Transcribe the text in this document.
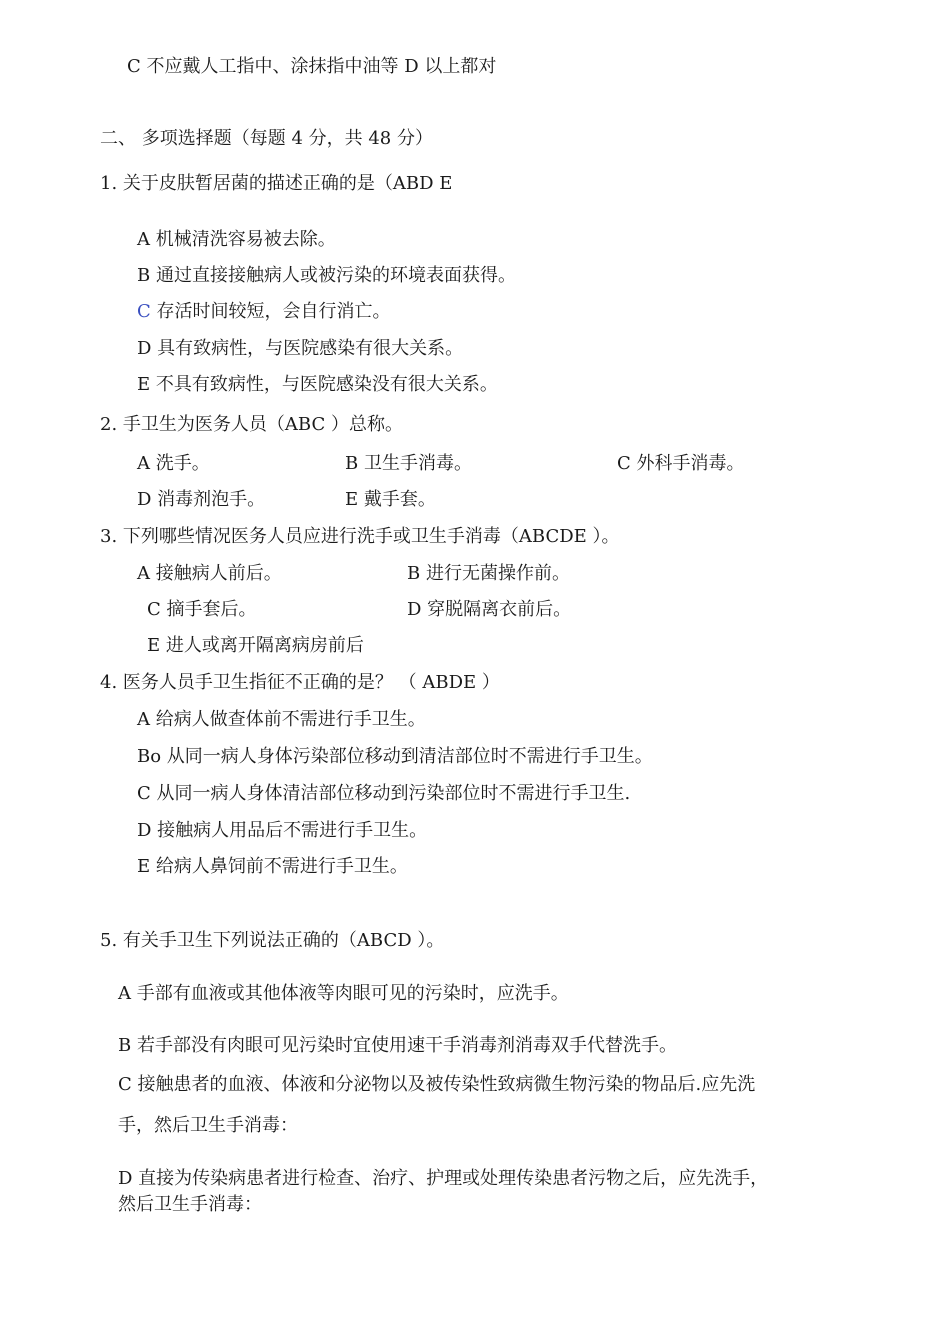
C 不应戴人工指中、涂抹指中油等 D 以上都对
二、 多项选择题（每题 4 分，共 48 分）
1. 关于皮肤暂居菌的描述正确的是（ABD E
A 机械清洗容易被去除。
B 通过直接接触病人或被污染的环境表面获得。
C 存活时间较短，会自行消亡。
D 具有致病性，与医院感染有很大关系。
E 不具有致病性，与医院感染没有很大关系。
2. 手卫生为医务人员（ABC ）总称。
A 洗手。	B 卫生手消毒。	C 外科手消毒。
D 消毒剂泡手。	E 戴手套。
3. 下列哪些情况医务人员应进行洗手或卫生手消毒（ABCDE ）。
A 接触病人前后。	B 进行无菌操作前。
C 摘手套后。	D 穿脱隔离衣前后。
E 进人或离开隔离病房前后
4. 医务人员手卫生指征不正确的是？ （ ABDE ）
A 给病人做查体前不需进行手卫生。
Bo 从同一病人身体污染部位移动到清洁部位时不需进行手卫生。
C 从同一病人身体清洁部位移动到污染部位时不需进行手卫生.
D 接触病人用品后不需进行手卫生。
E 给病人鼻饲前不需进行手卫生。
5. 有关手卫生下列说法正确的（ABCD ）。
A 手部有血液或其他体液等肉眼可见的污染时，应洗手。
B 若手部没有肉眼可见污染时宜使用速干手消毒剂消毒双手代替洗手。
C 接触患者的血液、体液和分泌物以及被传染性致病微生物污染的物品后.应先洗
手，然后卫生手消毒：
D 直接为传染病患者进行检查、治疗、护理或处理传染患者污物之后，应先洗手，
然后卫生手消毒：
